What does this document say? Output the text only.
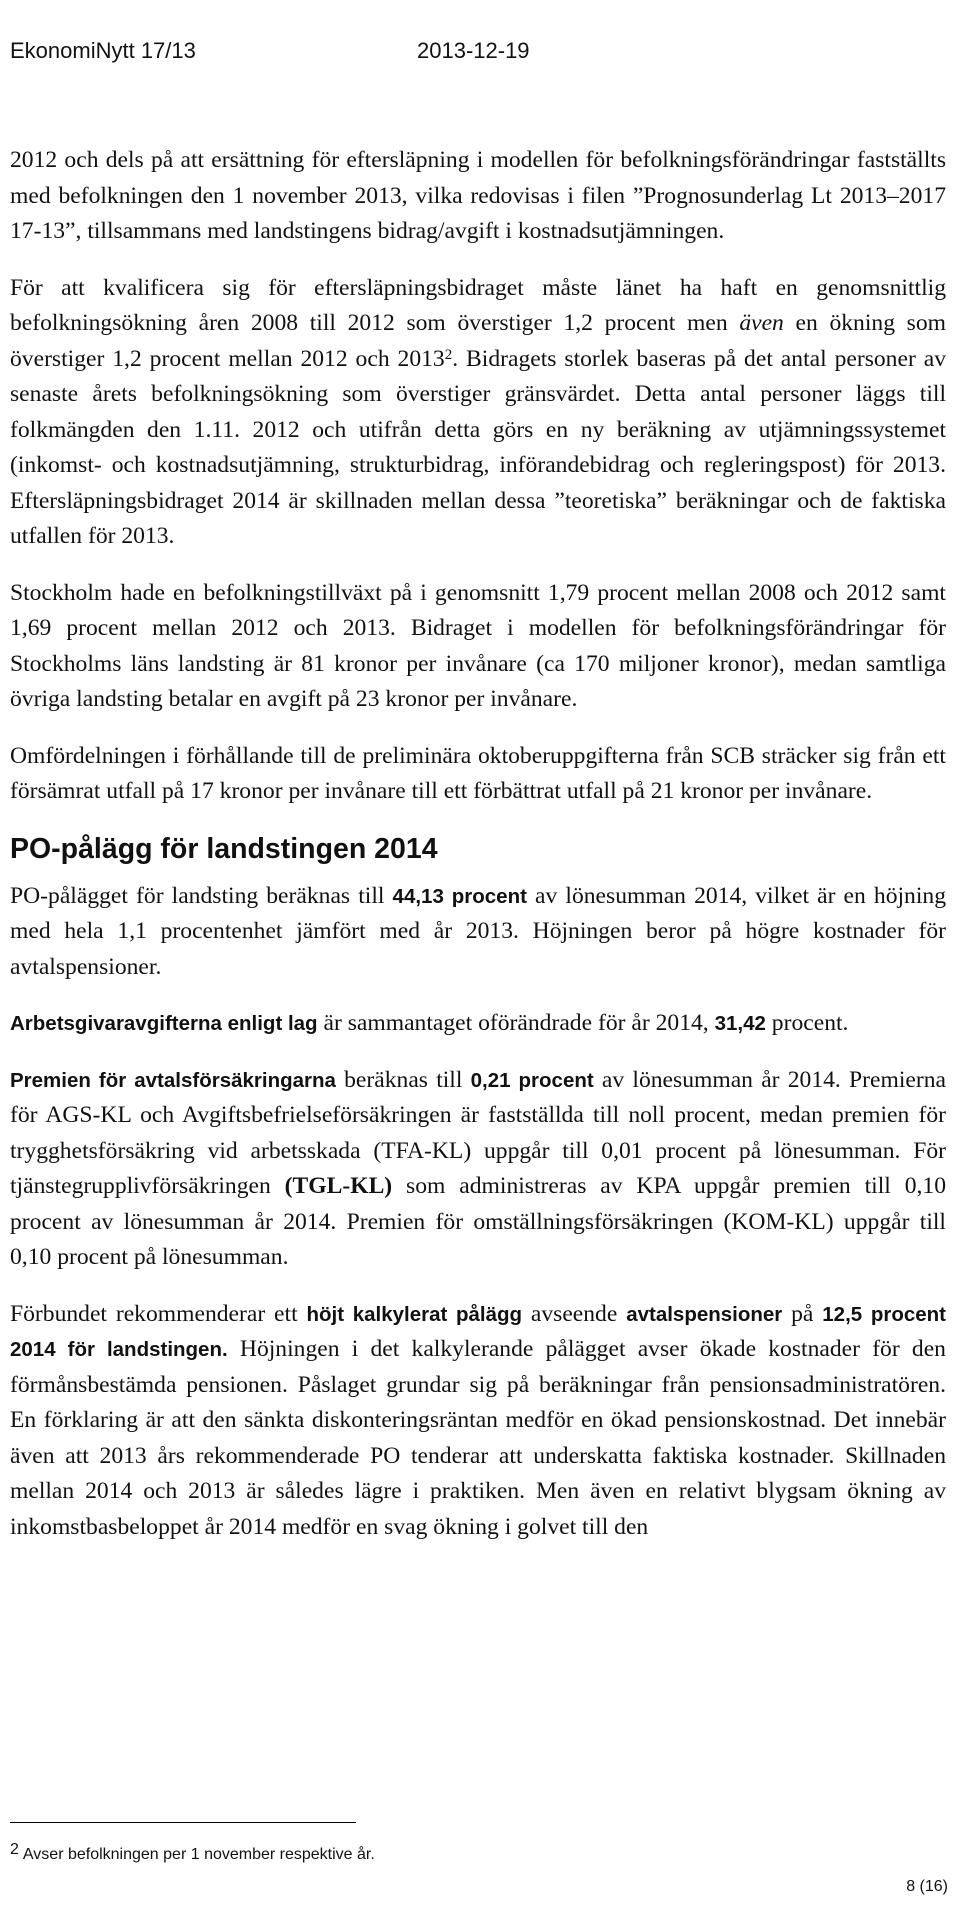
EkonomiNytt 17/13	2013-12-19

2012 och dels på att ersättning för eftersläpning i modellen för befolkningsförändringar fastställts med befolkningen den 1 november 2013, vilka redovisas i filen ”Prognosunderlag Lt 2013–2017 17-13”, tillsammans med landstingens bidrag/avgift i kostnadsutjämningen.

För att kvalificera sig för eftersläpningsbidraget måste länet ha haft en genomsnittlig befolkningsökning åren 2008 till 2012 som överstiger 1,2 procent men även en ökning som överstiger 1,2 procent mellan 2012 och 2013$^2$. Bidragets storlek baseras på det antal personer av senaste årets befolkningsökning som överstiger gränsvärdet. Detta antal personer läggs till folkmängden den 1.11. 2012 och utifrån detta görs en ny beräkning av utjämningssystemet (inkomst- och kostnadsutjämning, strukturbidrag, införandebidrag och regleringspost) för 2013. Eftersläpningsbidraget 2014 är skillnaden mellan dessa ”teoretiska” beräkningar och de faktiska utfallen för 2013.

Stockholm hade en befolkningstillväxt på i genomsnitt 1,79 procent mellan 2008 och 2012 samt 1,69 procent mellan 2012 och 2013. Bidraget i modellen för befolkningsförändringar för Stockholms läns landsting är 81 kronor per invånare (ca 170 miljoner kronor), medan samtliga övriga landsting betalar en avgift på 23 kronor per invånare.

Omfördelningen i förhållande till de preliminära oktoberuppgifterna från SCB sträcker sig från ett försämrat utfall på 17 kronor per invånare till ett förbättrat utfall på 21 kronor per invånare.

PO-pålägg för landstingen 2014

PO-pålägget för landsting beräknas till 44,13 procent av lönesumman 2014, vilket är en höjning med hela 1,1 procentenhet jämfört med år 2013. Höjningen beror på högre kostnader för avtalspensioner.

Arbetsgivaravgifterna enligt lag är sammantaget oförändrade för år 2014, 31,42 procent.

Premien för avtalsförsäkringarna beräknas till 0,21 procent av lönesumman år 2014. Premierna för AGS-KL och Avgiftsbefrielseförsäkringen är fastställda till noll procent, medan premien för trygghetsförsäkring vid arbetsskada (TFA-KL) uppgår till 0,01 procent på lönesumman. För tjänstegrupplivförsäkringen (TGL-KL) som administreras av KPA uppgår premien till 0,10 procent av lönesumman år 2014. Premien för omställningsförsäkringen (KOM-KL) uppgår till 0,10 procent på lönesumman.

Förbundet rekommenderar ett höjt kalkylerat pålägg avseende avtalspensioner på 12,5 procent 2014 för landstingen. Höjningen i det kalkylerande pålägget avser ökade kostnader för den förmånsbestämda pensionen. Påslaget grundar sig på beräkningar från pensionsadministratören. En förklaring är att den sänkta diskonteringsräntan medför en ökad pensionskostnad. Det innebär även att 2013 års rekommenderade PO tenderar att underskatta faktiska kostnader. Skillnaden mellan 2014 och 2013 är således lägre i praktiken. Men även en relativt blygsam ökning av inkomstbasbeloppet år 2014 medför en svag ökning i golvet till den

$^2$ Avser befolkningen per 1 november respektive år.
8 (16)
